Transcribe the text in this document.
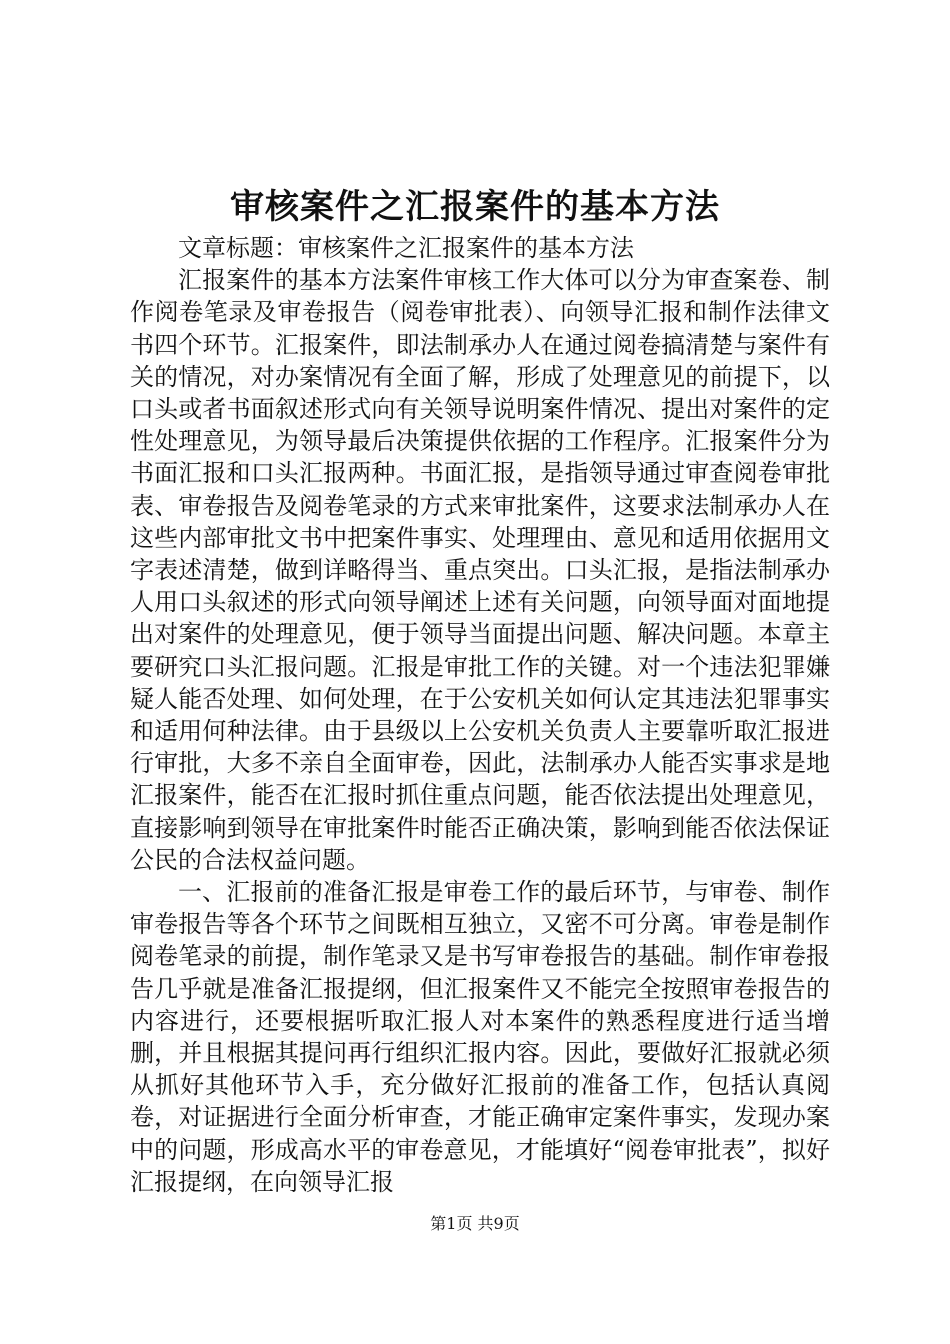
审核案件之汇报案件的基本方法

文章标题：审核案件之汇报案件的基本方法

汇报案件的基本方法案件审核工作大体可以分为审查案卷、制作阅卷笔录及审卷报告（阅卷审批表）、向领导汇报和制作法律文书四个环节。汇报案件，即法制承办人在通过阅卷搞清楚与案件有关的情况，对办案情况有全面了解，形成了处理意见的前提下，以口头或者书面叙述形式向有关领导说明案件情况、提出对案件的定性处理意见，为领导最后决策提供依据的工作程序。汇报案件分为书面汇报和口头汇报两种。书面汇报，是指领导通过审查阅卷审批表、审卷报告及阅卷笔录的方式来审批案件，这要求法制承办人在这些内部审批文书中把案件事实、处理理由、意见和适用依据用文字表述清楚，做到详略得当、重点突出。口头汇报，是指法制承办人用口头叙述的形式向领导阐述上述有关问题，向领导面对面地提出对案件的处理意见，便于领导当面提出问题、解决问题。本章主要研究口头汇报问题。汇报是审批工作的关键。对一个违法犯罪嫌疑人能否处理、如何处理，在于公安机关如何认定其违法犯罪事实和适用何种法律。由于县级以上公安机关负责人主要靠听取汇报进行审批，大多不亲自全面审卷，因此，法制承办人能否实事求是地汇报案件，能否在汇报时抓住重点问题，能否依法提出处理意见，直接影响到领导在审批案件时能否正确决策，影响到能否依法保证公民的合法权益问题。

一、汇报前的准备汇报是审卷工作的最后环节，与审卷、制作审卷报告等各个环节之间既相互独立，又密不可分离。审卷是制作阅卷笔录的前提，制作笔录又是书写审卷报告的基础。制作审卷报告几乎就是准备汇报提纲，但汇报案件又不能完全按照审卷报告的内容进行，还要根据听取汇报人对本案件的熟悉程度进行适当增删，并且根据其提问再行组织汇报内容。因此，要做好汇报就必须从抓好其他环节入手，充分做好汇报前的准备工作，包括认真阅卷，对证据进行全面分析审查，才能正确审定案件事实，发现办案中的问题，形成高水平的审卷意见，才能填好“阅卷审批表”，拟好汇报提纲，在向领导汇报

第1页 共9页
